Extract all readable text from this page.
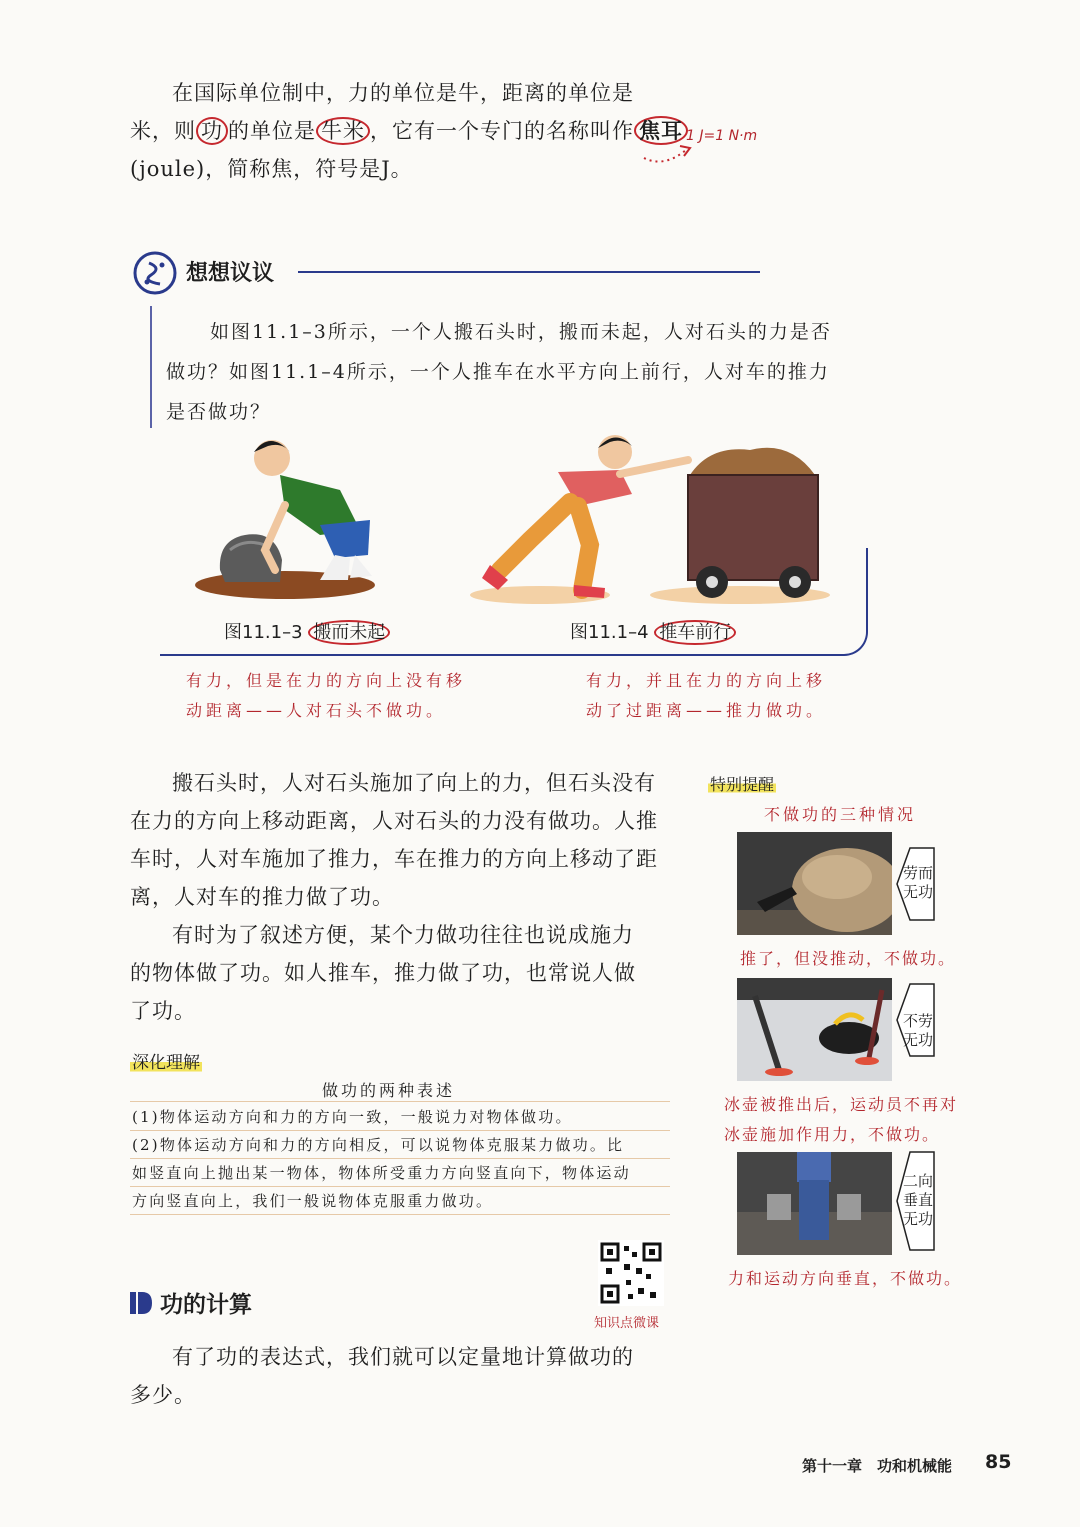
在国际单位制中，力的单位是牛，距离的单位是
米，则 功 的单位是 牛米 ，它有一个专门的名称叫作 焦耳
(joule)，简称焦，符号是J。
1 J=1 N·m
想想议议
如图11.1–3所示，一个人搬石头时，搬而未起，人对石头的力是否
做功？如图11.1–4所示，一个人推车在水平方向上前行，人对车的推力
是否做功？
图11.1–3 搬而未起	图11.1–4 推车前行
有力，但是在力的方向上没有移
动距离——人对石头不做功。
有力，并且在力的方向上移
动了过距离——推力做功。
搬石头时，人对石头施加了向上的力，但石头没有
在力的方向上移动距离，人对石头的力没有做功。人推
车时，人对车施加了推力，车在推力的方向上移动了距
离，人对车的推力做了功。
有时为了叙述方便，某个力做功往往也说成施力
的物体做了功。如人推车，推力做了功，也常说人做
了功。
深化理解
做功的两种表述
(1)物体运动方向和力的方向一致，一般说力对物体做功。
(2)物体运动方向和力的方向相反，可以说物体克服某力做功。比
如竖直向上抛出某一物体，物体所受重力方向竖直向下，物体运动
方向竖直向上，我们一般说物体克服重力做功。
功的计算
知识点微课
有了功的表达式，我们就可以定量地计算做功的
多少。
特别提醒
不做功的三种情况
劳而
无功
推了，但没推动，不做功。
不劳
无功
冰壶被推出后，运动员不再对
冰壶施加作用力，不做功。
二向
垂直
无功
力和运动方向垂直，不做功。
第十一章　功和机械能 85
